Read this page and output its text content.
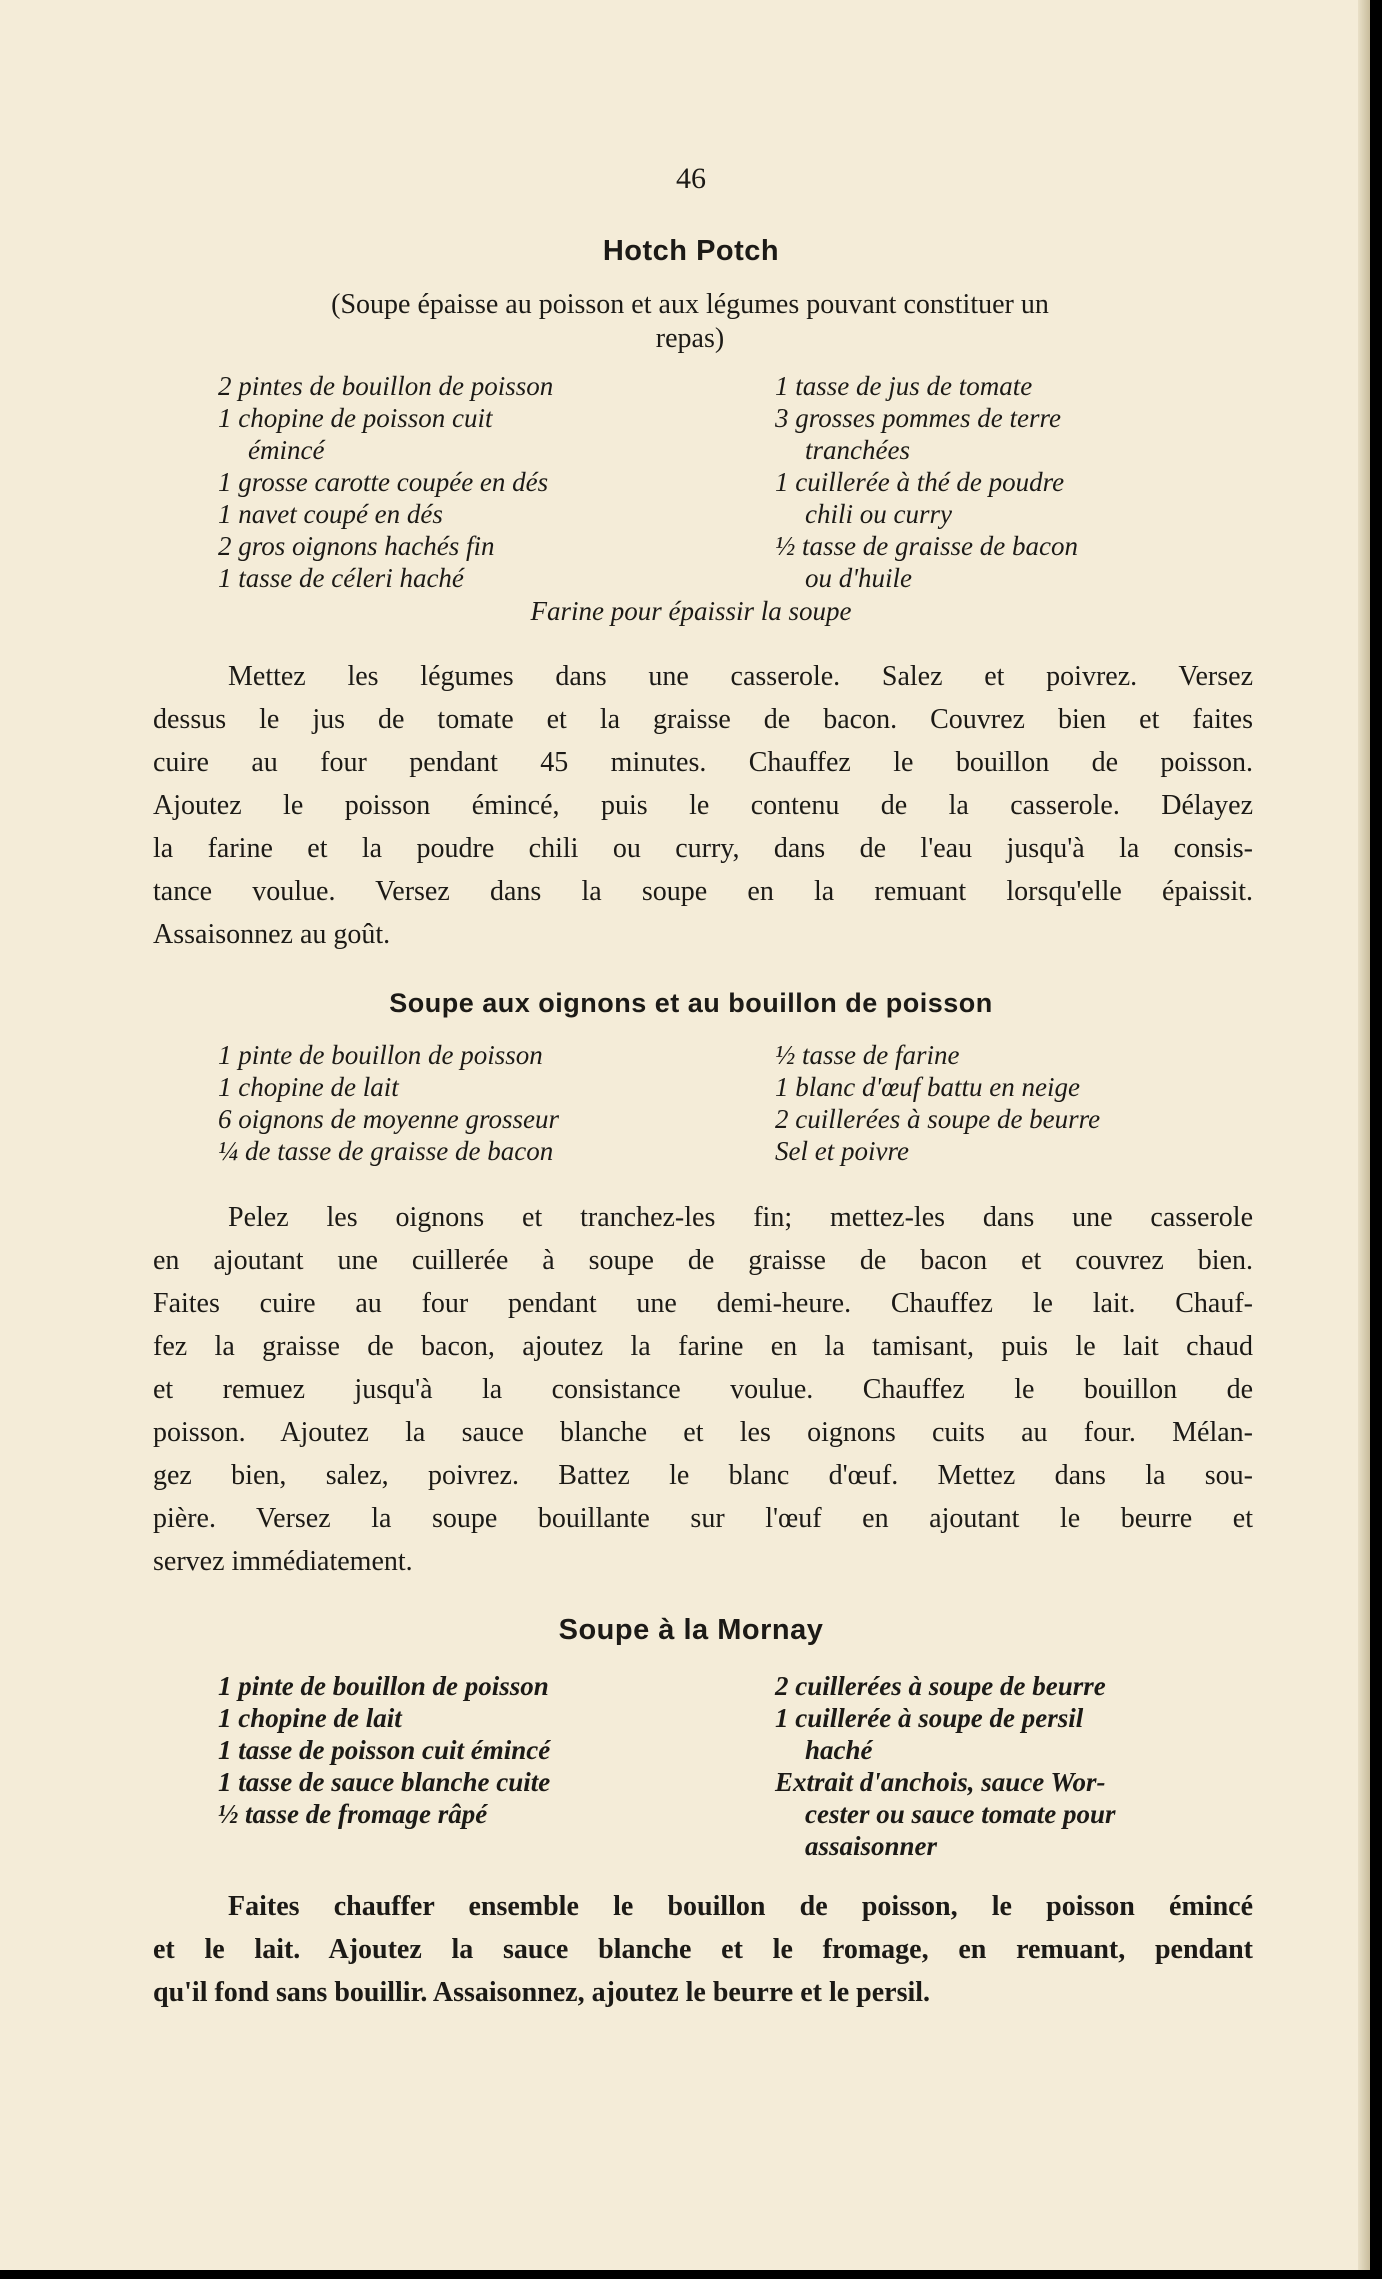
46
Hotch Potch
(Soupe épaisse au poisson et aux légumes pouvant constituer un
repas)
2 pintes de bouillon de poisson
1 chopine de poisson cuit
émincé
1 grosse carotte coupée en dés
1 navet coupé en dés
2 gros oignons hachés fin
1 tasse de céleri haché
1 tasse de jus de tomate
3 grosses pommes de terre
tranchées
1 cuillerée à thé de poudre
chili ou curry
½ tasse de graisse de bacon
ou d'huile
Farine pour épaissir la soupe
Mettez les légumes dans une casserole. Salez et poivrez. Versez
dessus le jus de tomate et la graisse de bacon. Couvrez bien et faites
cuire au four pendant 45 minutes. Chauffez le bouillon de poisson.
Ajoutez le poisson émincé, puis le contenu de la casserole. Délayez
la farine et la poudre chili ou curry, dans de l'eau jusqu'à la consis-
tance voulue. Versez dans la soupe en la remuant lorsqu'elle épaissit.
Assaisonnez au goût.
Soupe aux oignons et au bouillon de poisson
1 pinte de bouillon de poisson
1 chopine de lait
6 oignons de moyenne grosseur
¼ de tasse de graisse de bacon
½ tasse de farine
1 blanc d'œuf battu en neige
2 cuillerées à soupe de beurre
Sel et poivre
Pelez les oignons et tranchez-les fin; mettez-les dans une casserole
en ajoutant une cuillerée à soupe de graisse de bacon et couvrez bien.
Faites cuire au four pendant une demi-heure. Chauffez le lait. Chauf-
fez la graisse de bacon, ajoutez la farine en la tamisant, puis le lait chaud
et remuez jusqu'à la consistance voulue. Chauffez le bouillon de
poisson. Ajoutez la sauce blanche et les oignons cuits au four. Mélan-
gez bien, salez, poivrez. Battez le blanc d'œuf. Mettez dans la sou-
pière. Versez la soupe bouillante sur l'œuf en ajoutant le beurre et
servez immédiatement.
Soupe à la Mornay
1 pinte de bouillon de poisson
1 chopine de lait
1 tasse de poisson cuit émincé
1 tasse de sauce blanche cuite
½ tasse de fromage râpé
2 cuillerées à soupe de beurre
1 cuillerée à soupe de persil
haché
Extrait d'anchois, sauce Wor-
cester ou sauce tomate pour
assaisonner
Faites chauffer ensemble le bouillon de poisson, le poisson émincé
et le lait. Ajoutez la sauce blanche et le fromage, en remuant, pendant
qu'il fond sans bouillir. Assaisonnez, ajoutez le beurre et le persil.
